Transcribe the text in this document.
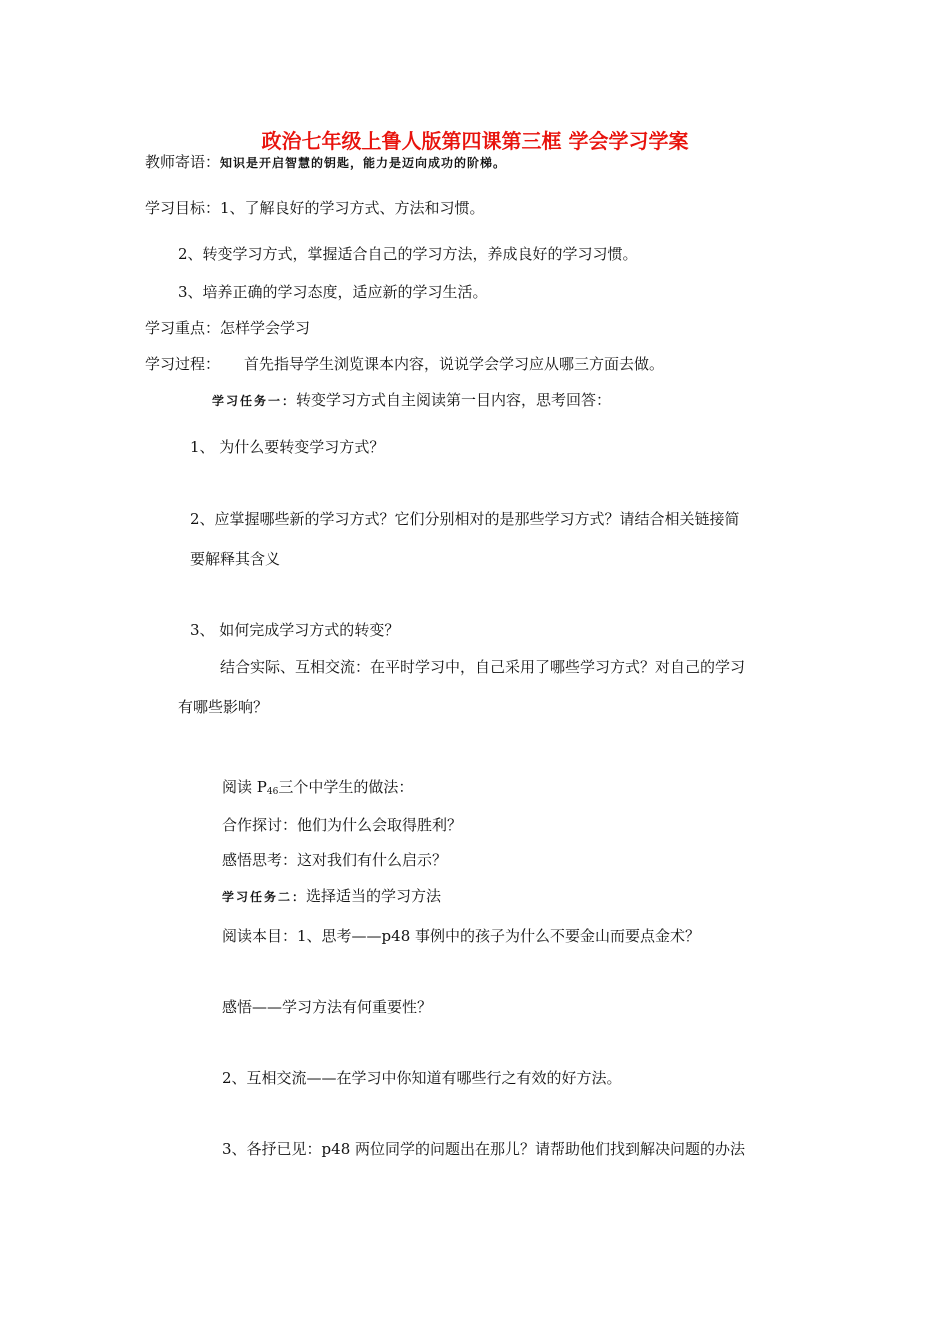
政治七年级上鲁人版第四课第三框 学会学习学案
教师寄语：知识是开启智慧的钥匙，能力是迈向成功的阶梯。
学习目标：1、了解良好的学习方式、方法和习惯。
2、转变学习方式，掌握适合自己的学习方法，养成良好的学习习惯。
3、培养正确的学习态度，适应新的学习生活。
学习重点：怎样学会学习
学习过程： 首先指导学生浏览课本内容，说说学会学习应从哪三方面去做。
学习任务一：转变学习方式自主阅读第一目内容，思考回答：
1、 为什么要转变学习方式？
2、应掌握哪些新的学习方式？它们分别相对的是那些学习方式？请结合相关链接简
要解释其含义
3、 如何完成学习方式的转变？
结合实际、互相交流：在平时学习中，自己采用了哪些学习方式？对自己的学习
有哪些影响？
阅读 $P_{46}$三个中学生的做法：
合作探讨：他们为什么会取得胜利？
感悟思考：这对我们有什么启示？
学习任务二：选择适当的学习方法
阅读本目：1、思考——p48 事例中的孩子为什么不要金山而要点金术？
感悟——学习方法有何重要性？
2、互相交流——在学习中你知道有哪些行之有效的好方法。
3、各抒已见：p48 两位同学的问题出在那儿？请帮助他们找到解决问题的办法
